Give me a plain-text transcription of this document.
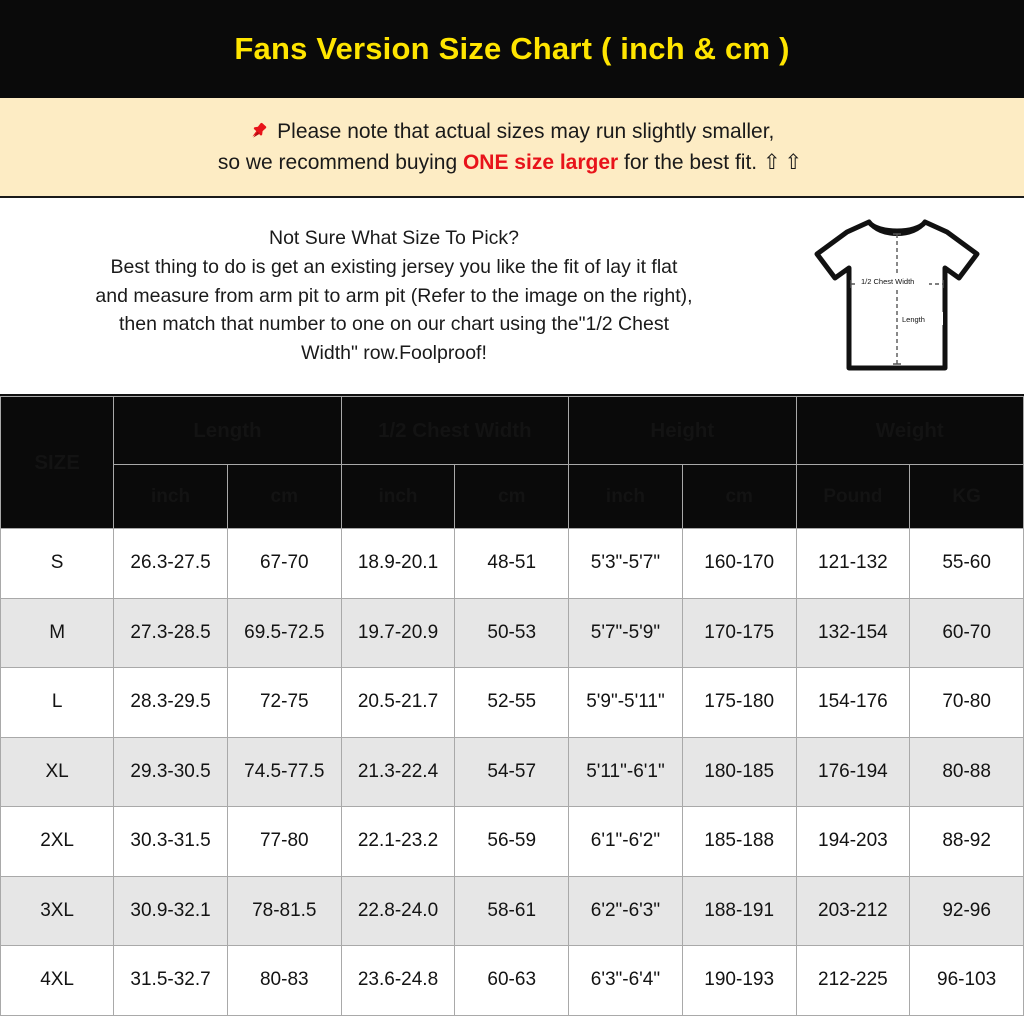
Fans Version Size Chart ( inch & cm )
Please note that actual sizes may run slightly smaller,
so we recommend buying ONE size larger for the best fit. ⇧⇧
Not Sure What Size To Pick?
Best thing to do is get an existing jersey you like the fit of lay it flat
and measure from arm pit to arm pit (Refer to the image on the right),
then match that number to one on our chart using the"1/2 Chest
Width" row.Foolproof!
1/2 Chest Width
Length
SIZE	Length		1/2 Chest Width		Height		Weight	
	inch	cm	inch	cm	inch	cm	Pound	KG
S	26.3-27.5	67-70	18.9-20.1	48-51	5'3"-5'7"	160-170	121-132	55-60
M	27.3-28.5	69.5-72.5	19.7-20.9	50-53	5'7"-5'9"	170-175	132-154	60-70
L	28.3-29.5	72-75	20.5-21.7	52-55	5'9"-5'11"	175-180	154-176	70-80
XL	29.3-30.5	74.5-77.5	21.3-22.4	54-57	5'11"-6'1"	180-185	176-194	80-88
2XL	30.3-31.5	77-80	22.1-23.2	56-59	6'1"-6'2"	185-188	194-203	88-92
3XL	30.9-32.1	78-81.5	22.8-24.0	58-61	6'2"-6'3"	188-191	203-212	92-96
4XL	31.5-32.7	80-83	23.6-24.8	60-63	6'3"-6'4"	190-193	212-225	96-103
